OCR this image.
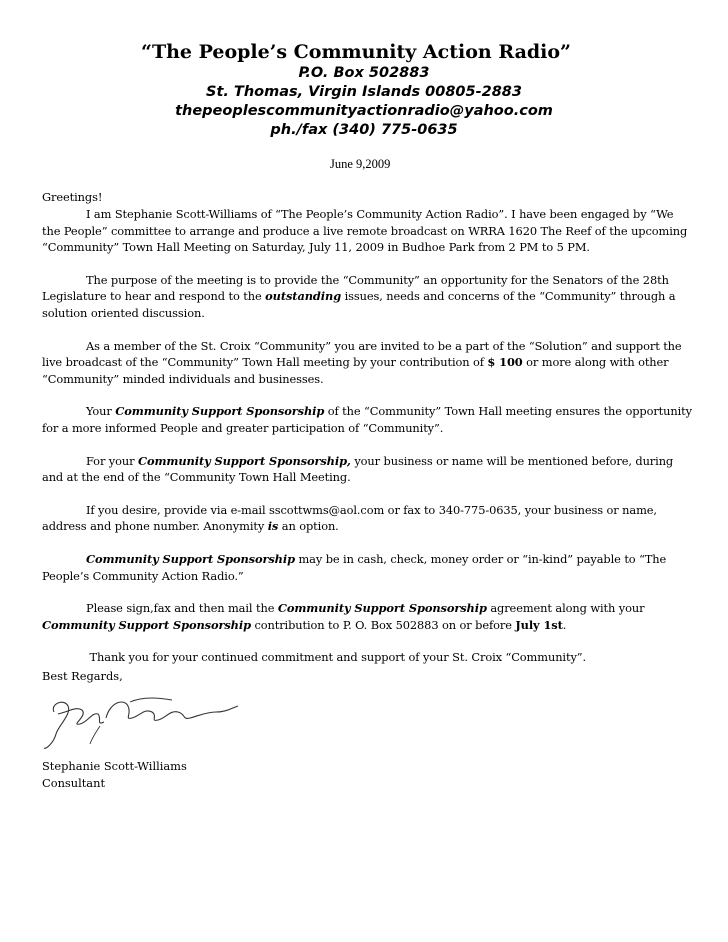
“The People’s Community Action Radio”
P.O. Box 502883
St. Thomas, Virgin Islands 00805-2883
thepeoplescommunityactionradio@yahoo.com
ph./fax (340) 775-0635
June 9,2009
Greetings!

I am Stephanie Scott-Williams of “The People’s Community Action Radio”. I have been engaged by “We the People” committee to arrange and produce a live remote broadcast on WRRA 1620 The Reef of the upcoming “Community” Town Hall Meeting on Saturday, July 11, 2009 in Budhoe Park from 2 PM to 5 PM.

The purpose of the meeting is to provide the “Community” an opportunity for the Senators of the 28th Legislature to hear and respond to the outstanding issues, needs and concerns of the “Community” through a solution oriented discussion.

As a member of the St. Croix “Community” you are invited to be a part of the “Solution” and support the live broadcast of the “Community” Town Hall meeting by your contribution of $ 100 or more along with other “Community” minded individuals and businesses.

Your Community Support Sponsorship of the “Community” Town Hall meeting ensures the opportunity for a more informed People and greater participation of “Community”.

For your Community Support Sponsorship, your business or name will be mentioned before, during and at the end of the “Community Town Hall Meeting.

If you desire, provide via e-mail sscottwms@aol.com or fax to 340-775-0635, your business or name, address and phone number. Anonymity is an option.

Community Support Sponsorship may be in cash, check, money order or “in-kind” payable to “The People’s Community Action Radio.”

Please sign,fax and then mail the Community Support Sponsorship agreement along with your Community Support Sponsorship contribution to P. O. Box 502883 on or before July 1st.

Thank you for your continued commitment and support of your St. Croix “Community”.

Best Regards,
Stephanie Scott-Williams
Consultant
